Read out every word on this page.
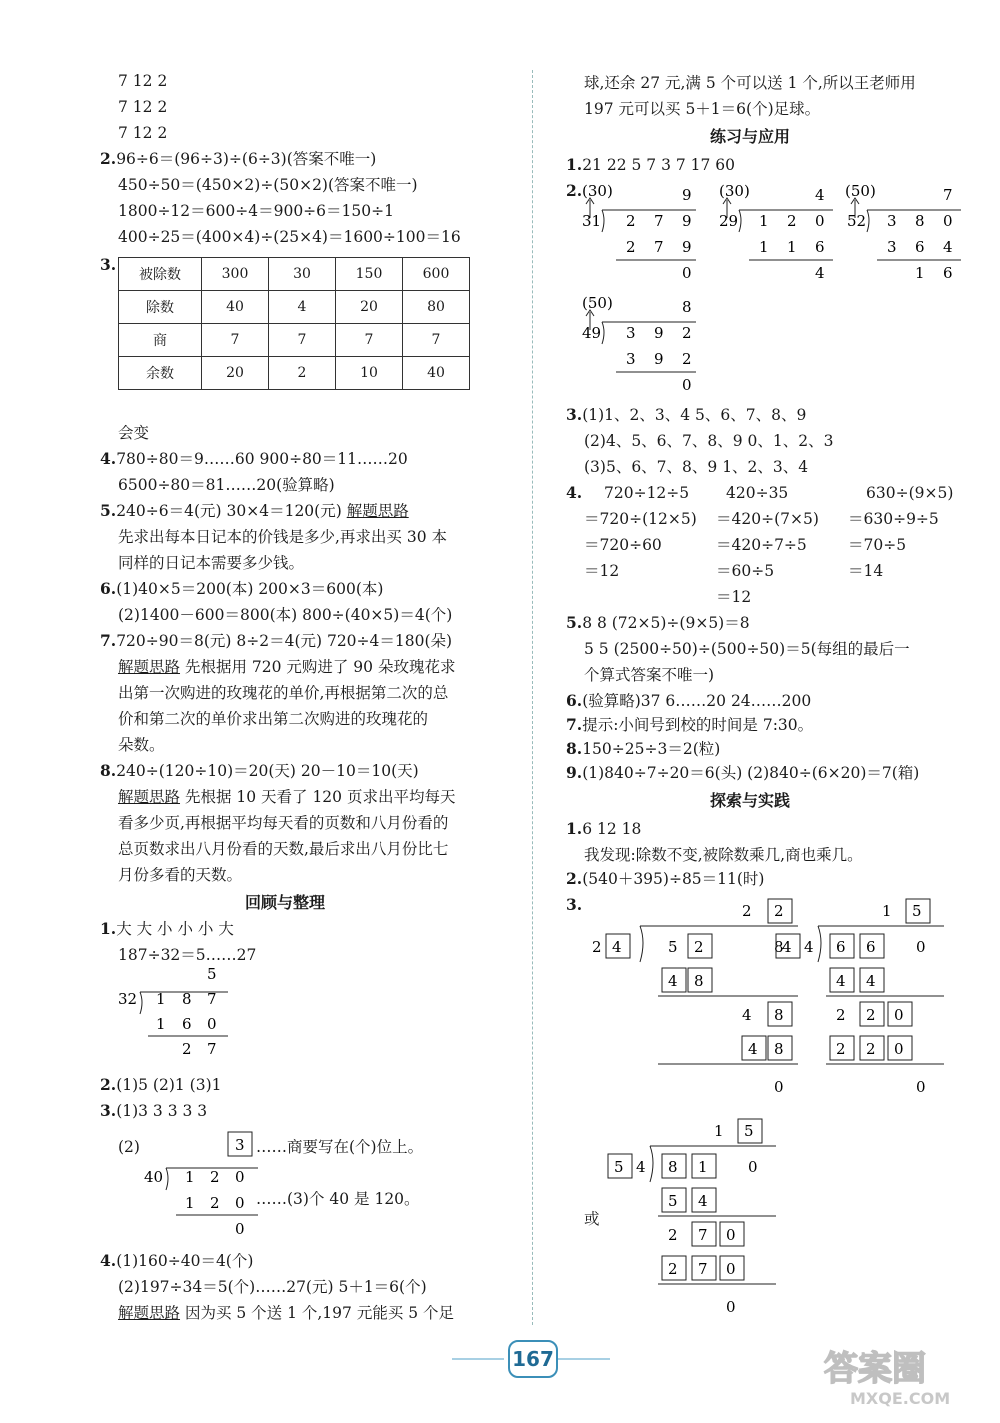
7 12 2
7 12 2
7 12 2
2.96÷6＝(96÷3)÷(6÷3)(答案不唯一)
450÷50＝(450×2)÷(50×2)(答案不唯一)
1800÷12＝600÷4＝900÷6＝150÷1
400÷25＝(400×4)÷(25×4)＝1600÷100＝16
3.
被除数	300	30	150	600
除数	40	4	20	80
商	7	7	7	7
余数	20	2	10	40
会变
4.780÷80＝9……60 900÷80＝11……20
6500÷80＝81……20(验算略)
5.240÷6＝4(元) 30×4＝120(元) 解题思路
先求出每本日记本的价钱是多少,再求出买 30 本
同样的日记本需要多少钱。
6.(1)40×5＝200(本) 200×3＝600(本)
(2)1400－600＝800(本) 800÷(40×5)＝4(个)
7.720÷90＝8(元) 8÷2＝4(元) 720÷4＝180(朵)
解题思路 先根据用 720 元购进了 90 朵玫瑰花求
出第一次购进的玫瑰花的单价,再根据第二次的总
价和第二次的单价求出第二次购进的玫瑰花的
朵数。
8.240÷(120÷10)＝20(天) 20－10＝10(天)
解题思路 先根据 10 天看了 120 页求出平均每天
看多少页,再根据平均每天看的页数和八月份看的
总页数求出八月份看的天数,最后求出八月份比七
月份多看的天数。
回顾与整理
1.大 大 小 小 小 大
187÷32＝5……27
5
32 1 8 7
1 6 0
2 7
2.(1)5 (2)1 (3)1
3.(1)3 3 3 3 3
(2)	3
40 1 2 0
1 2 0
0
……商要写在(个)位上。
……(3)个 40 是 120。
4.(1)160÷40＝4(个)
(2)197÷34＝5(个)……27(元) 5＋1＝6(个)
解题思路 因为买 5 个送 1 个,197 元能买 5 个足
球,还余 27 元,满 5 个可以送 1 个,所以王老师用
197 元可以买 5＋1＝6(个)足球。
练习与应用
1.21 22 5 7 3 7 17 60
2. (30)	9
31 2 7 9
2 7 9
0
(30)	4
29 1 2 0
1 1 6
4
(50)	7
52 3 8 0
3 6 4
1 6
(50)	8
49 3 9 2
3 9 2
0
3.(1)1、2、3、4 5、6、7、8、9
(2)4、5、6、7、8、9 0、1、2、3
(3)5、6、7、8、9 1、2、3、4
4. 720÷12÷5
＝720÷(12×5)
＝720÷60
＝12
420÷35
＝420÷(7×5)
＝420÷7÷5
＝60÷5
＝12
630÷(9×5)
＝630÷9÷5
＝70÷5
＝14
5.8 8 (72×5)÷(9×5)＝8
5 5 (2500÷50)÷(500÷50)＝5(每组的最后一
个算式答案不唯一)
6.(验算略)37 6……20 24……200
7.提示:小间号到校的时间是 7:30。
8.150÷25÷3＝2(粒)
9.(1)840÷7÷20＝6(头) (2)840÷(6×20)＝7(箱)
探索与实践
1.6 12 18
我发现:除数不变,被除数乘几,商也乘几。
2.(540＋395)÷85＝11(时)
3.	2 2
2 4	5 2	8
4 8
4 8
4 8
0
1 5
4 4 6 6	0
4 4
2 2 0
2 2 0
0
或
1 5
5 4 8 1	0
5 4
2 7 0
2 7 0
0
167	答案圈
MXQE.COM
